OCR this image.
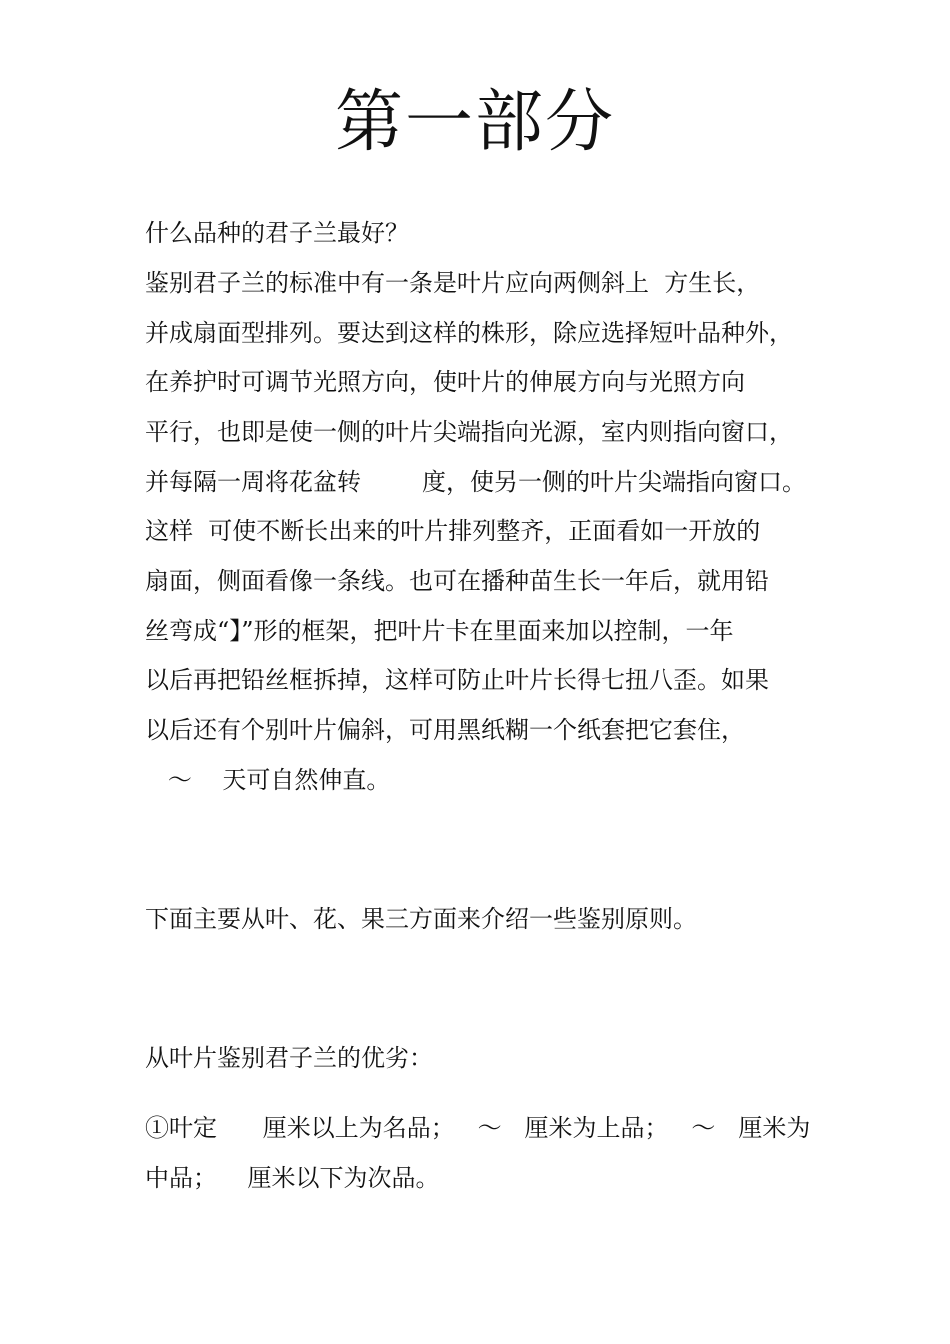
第一部分
什么品种的君子兰最好？
鉴别君子兰的标准中有一条是叶片应向两侧斜上  方生长，
并成扇面型排列。要达到这样的株形，除应选择短叶品种外，
在养护时可调节光照方向，使叶片的伸展方向与光照方向
平行，也即是使一侧的叶片尖端指向光源，室内则指向窗口，
并每隔一周将花盆转        度，使另一侧的叶片尖端指向窗口。
这样  可使不断长出来的叶片排列整齐，正面看如一开放的
扇面，侧面看像一条线。也可在播种苗生长一年后，就用铅
丝弯成“】”形的框架，把叶片卡在里面来加以控制，一年
以后再把铅丝框拆掉，这样可防止叶片长得七扭八歪。如果
以后还有个别叶片偏斜，可用黑纸糊一个纸套把它套住，
～    天可自然伸直。
下面主要从叶、花、果三方面来介绍一些鉴别原则。
从叶片鉴别君子兰的优劣：
①叶定      厘米以上为名品；   ～   厘米为上品；   ～   厘米为
中品；    厘米以下为次品。
